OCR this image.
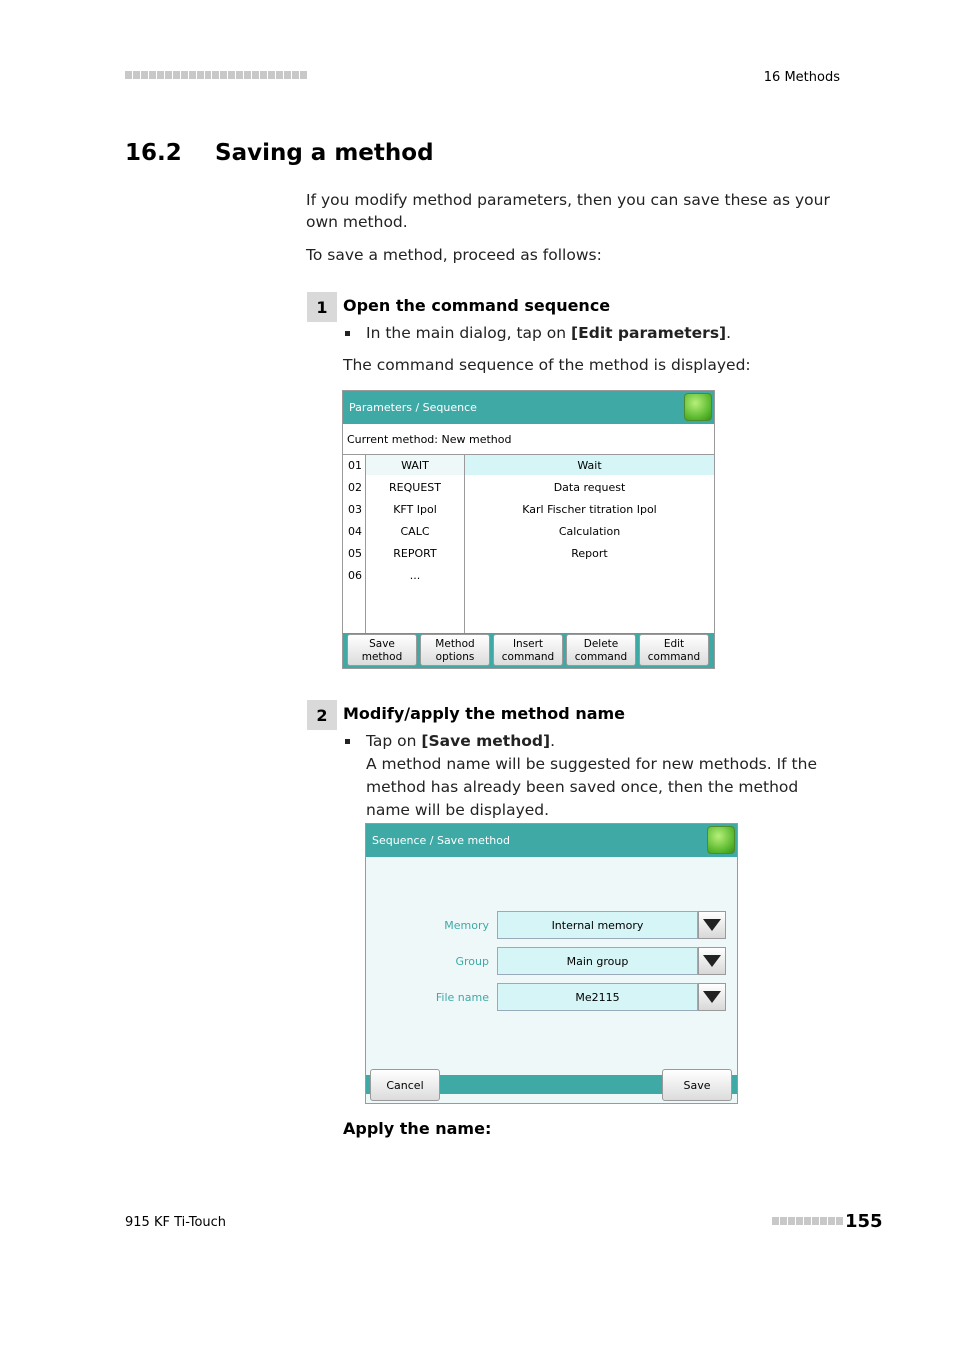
16 Methods
16.2 Saving a method
If you modify method parameters, then you can save these as your own method.
To save a method, proceed as follows:
1 Open the command sequence
In the main dialog, tap on [Edit parameters].
The command sequence of the method is displayed:
Parameters / Sequence
Current method: New method
01	WAIT	Wait
02	REQUEST	Data request
03	KFT Ipol	Karl Fischer titration Ipol
04	CALC	Calculation
05	REPORT	Report
06	...
Save
method
Method
options
Insert
command
Delete
command
Edit
command
2 Modify/apply the method name
Tap on [Save method].
A method name will be suggested for new methods. If the method has already been saved once, then the method name will be displayed.
Sequence / Save method
Memory	Internal memory
Group	Main group
File name	Me2115
Cancel	Save
Apply the name:
915 KF Ti-Touch	155
